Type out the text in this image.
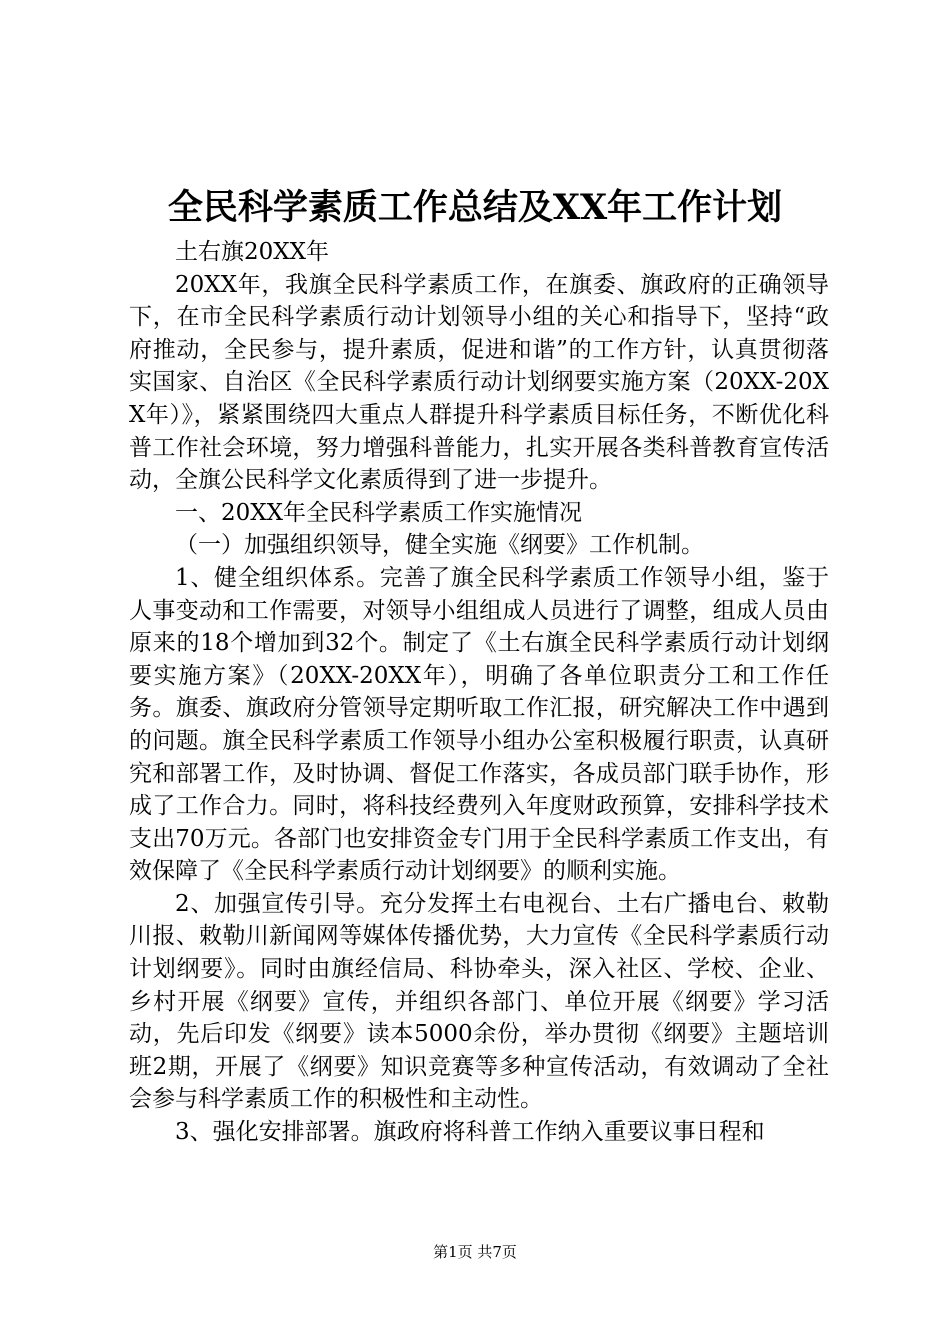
全民科学素质工作总结及XX年工作计划

土右旗20XX年

20XX年，我旗全民科学素质工作，在旗委、旗政府的正确领导下，在市全民科学素质行动计划领导小组的关心和指导下，坚持“政府推动，全民参与，提升素质，促进和谐”的工作方针，认真贯彻落实国家、自治区《全民科学素质行动计划纲要实施方案（20XX-20XX年）》，紧紧围绕四大重点人群提升科学素质目标任务，不断优化科普工作社会环境，努力增强科普能力，扎实开展各类科普教育宣传活动，全旗公民科学文化素质得到了进一步提升。

一、20XX年全民科学素质工作实施情况

（一）加强组织领导，健全实施《纲要》工作机制。

1、健全组织体系。完善了旗全民科学素质工作领导小组，鉴于人事变动和工作需要，对领导小组组成人员进行了调整，组成人员由原来的18个增加到32个。制定了《土右旗全民科学素质行动计划纲要实施方案》（20XX-20XX年），明确了各单位职责分工和工作任务。旗委、旗政府分管领导定期听取工作汇报，研究解决工作中遇到的问题。旗全民科学素质工作领导小组办公室积极履行职责，认真研究和部署工作，及时协调、督促工作落实，各成员部门联手协作，形成了工作合力。同时，将科技经费列入年度财政预算，安排科学技术支出70万元。各部门也安排资金专门用于全民科学素质工作支出，有效保障了《全民科学素质行动计划纲要》的顺利实施。

2、加强宣传引导。充分发挥土右电视台、土右广播电台、敕勒川报、敕勒川新闻网等媒体传播优势，大力宣传《全民科学素质行动计划纲要》。同时由旗经信局、科协牵头，深入社区、学校、企业、乡村开展《纲要》宣传，并组织各部门、单位开展《纲要》学习活动，先后印发《纲要》读本5000余份，举办贯彻《纲要》主题培训班2期，开展了《纲要》知识竞赛等多种宣传活动，有效调动了全社会参与科学素质工作的积极性和主动性。

3、强化安排部署。旗政府将科普工作纳入重要议事日程和

第1页 共7页
